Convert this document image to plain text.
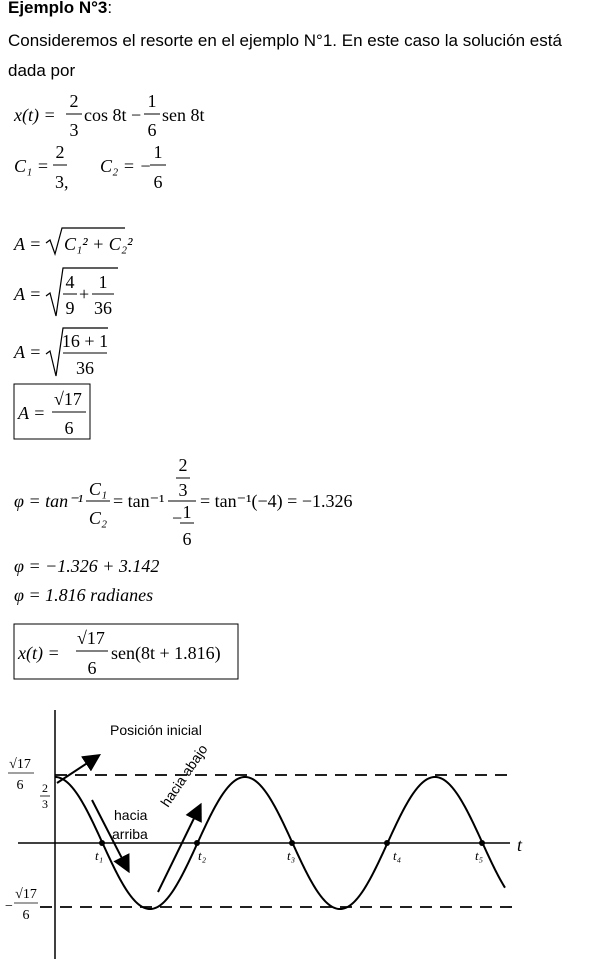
Ejemplo N°3:
Consideremos el resorte en el ejemplo N°1. En este caso la solución está
dada por
x(t) =
2
3
cos 8t −
1
6
sen 8t
C₁ =
2
3,
C₂ = −
1
6
A = C₁² + C₂²
A =
4
9
+
1
36
A =
16 + 1
36
A =
√17
6
φ = tan⁻¹
C₁
C₂
= tan⁻¹
2
3
− 1
6
= tan⁻¹(−4) = −1.326
φ = −1.326 + 3.142
φ = 1.816 radianes
x(t) =
√17
6
sen(8t + 1.816)
t
t₁	t₂	t₃	t₄	t₅
√17
6 2
3
−
√17
6
Posición inicial
hacia
arriba
hacia abajo
